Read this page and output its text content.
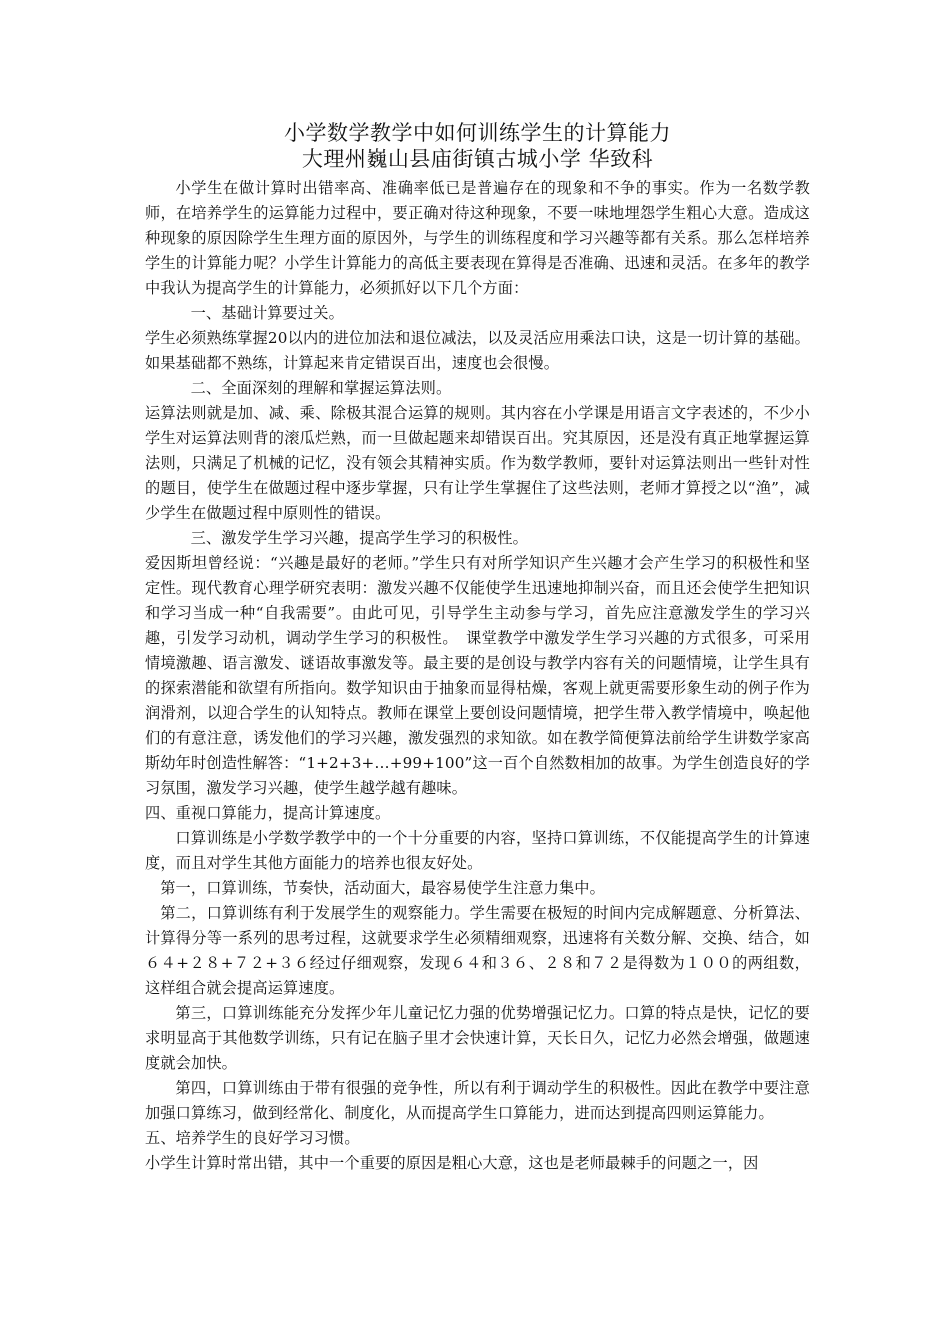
小学数学教学中如何训练学生的计算能力
大理州巍山县庙街镇古城小学 华致科

小学生在做计算时出错率高、准确率低已是普遍存在的现象和不争的事实。作为一名数学教师，在培养学生的运算能力过程中，要正确对待这种现象，不要一味地埋怨学生粗心大意。造成这种现象的原因除学生生理方面的原因外，与学生的训练程度和学习兴趣等都有关系。那么怎样培养学生的计算能力呢？小学生计算能力的高低主要表现在算得是否准确、迅速和灵活。在多年的教学中我认为提高学生的计算能力，必须抓好以下几个方面：

一、基础计算要过关。

学生必须熟练掌握20以内的进位加法和退位减法，以及灵活应用乘法口诀，这是一切计算的基础。如果基础都不熟练，计算起来肯定错误百出，速度也会很慢。

二、全面深刻的理解和掌握运算法则。

运算法则就是加、减、乘、除极其混合运算的规则。其内容在小学课是用语言文字表述的，不少小学生对运算法则背的滚瓜烂熟，而一旦做起题来却错误百出。究其原因，还是没有真正地掌握运算法则，只满足了机械的记忆，没有领会其精神实质。作为数学教师，要针对运算法则出一些针对性的题目，使学生在做题过程中逐步掌握，只有让学生掌握住了这些法则，老师才算授之以“渔”，减少学生在做题过程中原则性的错误。

三、激发学生学习兴趣，提高学生学习的积极性。

爱因斯坦曾经说：“兴趣是最好的老师。”学生只有对所学知识产生兴趣才会产生学习的积极性和坚定性。现代教育心理学研究表明：激发兴趣不仅能使学生迅速地抑制兴奋，而且还会使学生把知识和学习当成一种“自我需要”。由此可见，引导学生主动参与学习，首先应注意激发学生的学习兴趣，引发学习动机，调动学生学习的积极性。　课堂教学中激发学生学习兴趣的方式很多，可采用情境激趣、语言激发、谜语故事激发等。最主要的是创设与教学内容有关的问题情境，让学生具有的探索潜能和欲望有所指向。数学知识由于抽象而显得枯燥，客观上就更需要形象生动的例子作为润滑剂，以迎合学生的认知特点。教师在课堂上要创设问题情境，把学生带入教学情境中，唤起他们的有意注意，诱发他们的学习兴趣，激发强烈的求知欲。如在教学简便算法前给学生讲数学家高斯幼年时创造性解答：“1+2+3+…+99+100”这一百个自然数相加的故事。为学生创造良好的学习氛围，激发学习兴趣，使学生越学越有趣味。

四、重视口算能力，提高计算速度。

口算训练是小学数学教学中的一个十分重要的内容，坚持口算训练，不仅能提高学生的计算速度，而且对学生其他方面能力的培养也很友好处。

第一，口算训练，节奏快，活动面大，最容易使学生注意力集中。

第二，口算训练有利于发展学生的观察能力。学生需要在极短的时间内完成解题意、分析算法、计算得分等一系列的思考过程，这就要求学生必须精细观察，迅速将有关数分解、交换、结合，如６４+２８+７２+３６经过仔细观察，发现６４和３６、２８和７２是得数为１００的两组数，这样组合就会提高运算速度。

第三，口算训练能充分发挥少年儿童记忆力强的优势增强记忆力。口算的特点是快，记忆的要求明显高于其他数学训练，只有记在脑子里才会快速计算，天长日久，记忆力必然会增强，做题速度就会加快。

第四，口算训练由于带有很强的竞争性，所以有利于调动学生的积极性。因此在教学中要注意加强口算练习，做到经常化、制度化，从而提高学生口算能力，进而达到提高四则运算能力。

五、培养学生的良好学习习惯。

小学生计算时常出错，其中一个重要的原因是粗心大意，这也是老师最棘手的问题之一，因
